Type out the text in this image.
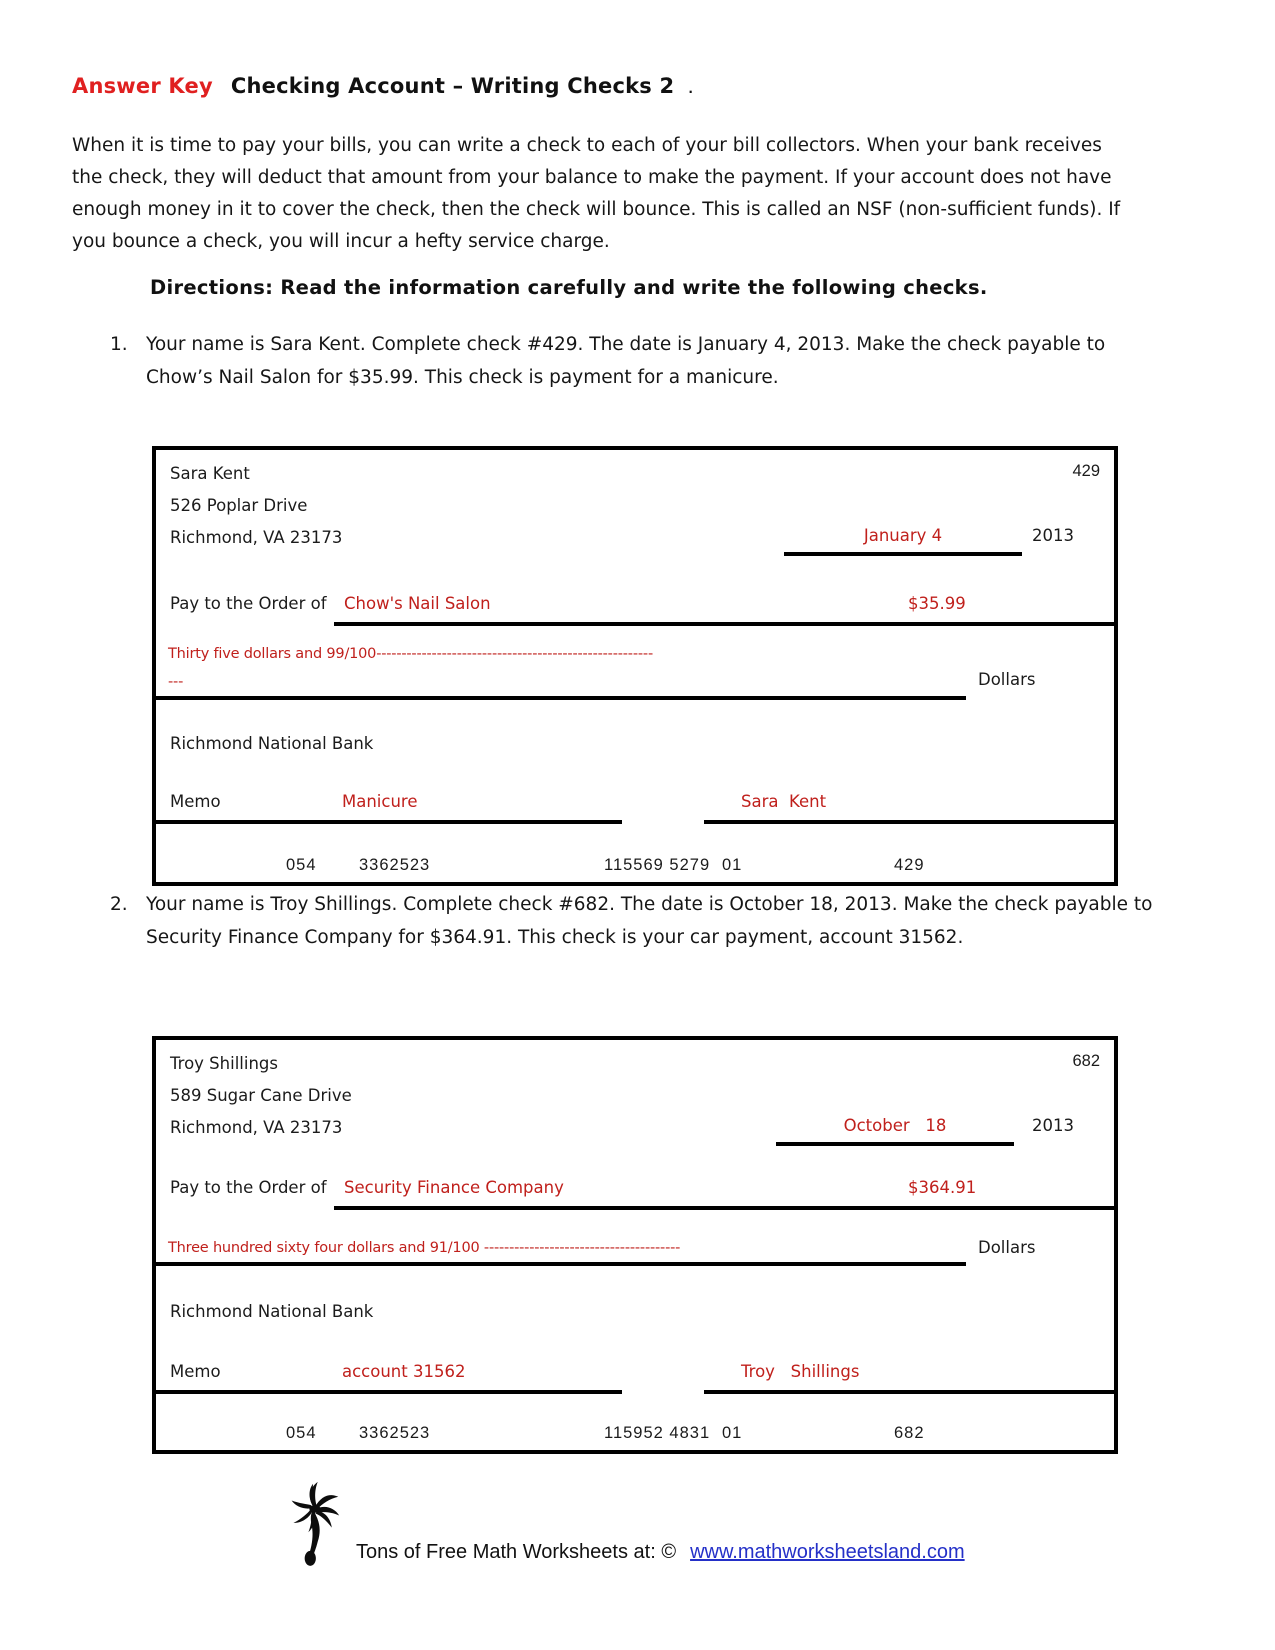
Answer Key Checking Account – Writing Checks 2 .
When it is time to pay your bills, you can write a check to each of your bill collectors. When your bank receives the check, they will deduct that amount from your balance to make the payment. If your account does not have enough money in it to cover the check, then the check will bounce. This is called an NSF (non-sufficient funds). If you bounce a check, you will incur a hefty service charge.
Directions: Read the information carefully and write the following checks.
1. Your name is Sara Kent. Complete check #429. The date is January 4, 2013. Make the check payable to Chow’s Nail Salon for $35.99. This check is payment for a manicure.
Sara Kent	429
526 Poplar Drive
Richmond, VA 23173	January 4	2013
Pay to the Order of Chow's Nail Salon	$35.99
Thirty five dollars and 99/100-------------------------------------------------------
---	Dollars
Richmond National Bank
Memo	Manicure	Sara  Kent
054	3362523	115569 5279 01	429
2. Your name is Troy Shillings. Complete check #682. The date is October 18, 2013. Make the check payable to Security Finance Company for $364.91. This check is your car payment, account 31562.
Troy Shillings	682
589 Sugar Cane Drive
Richmond, VA 23173	October   18	2013
Pay to the Order of Security Finance Company	$364.91
Three hundred sixty four dollars and 91/100 ---------------------------------------	Dollars
Richmond National Bank
Memo	account 31562	Troy   Shillings
054	3362523	115952 4831 01	682
Tons of Free Math Worksheets at: © www.mathworksheetsland.com
